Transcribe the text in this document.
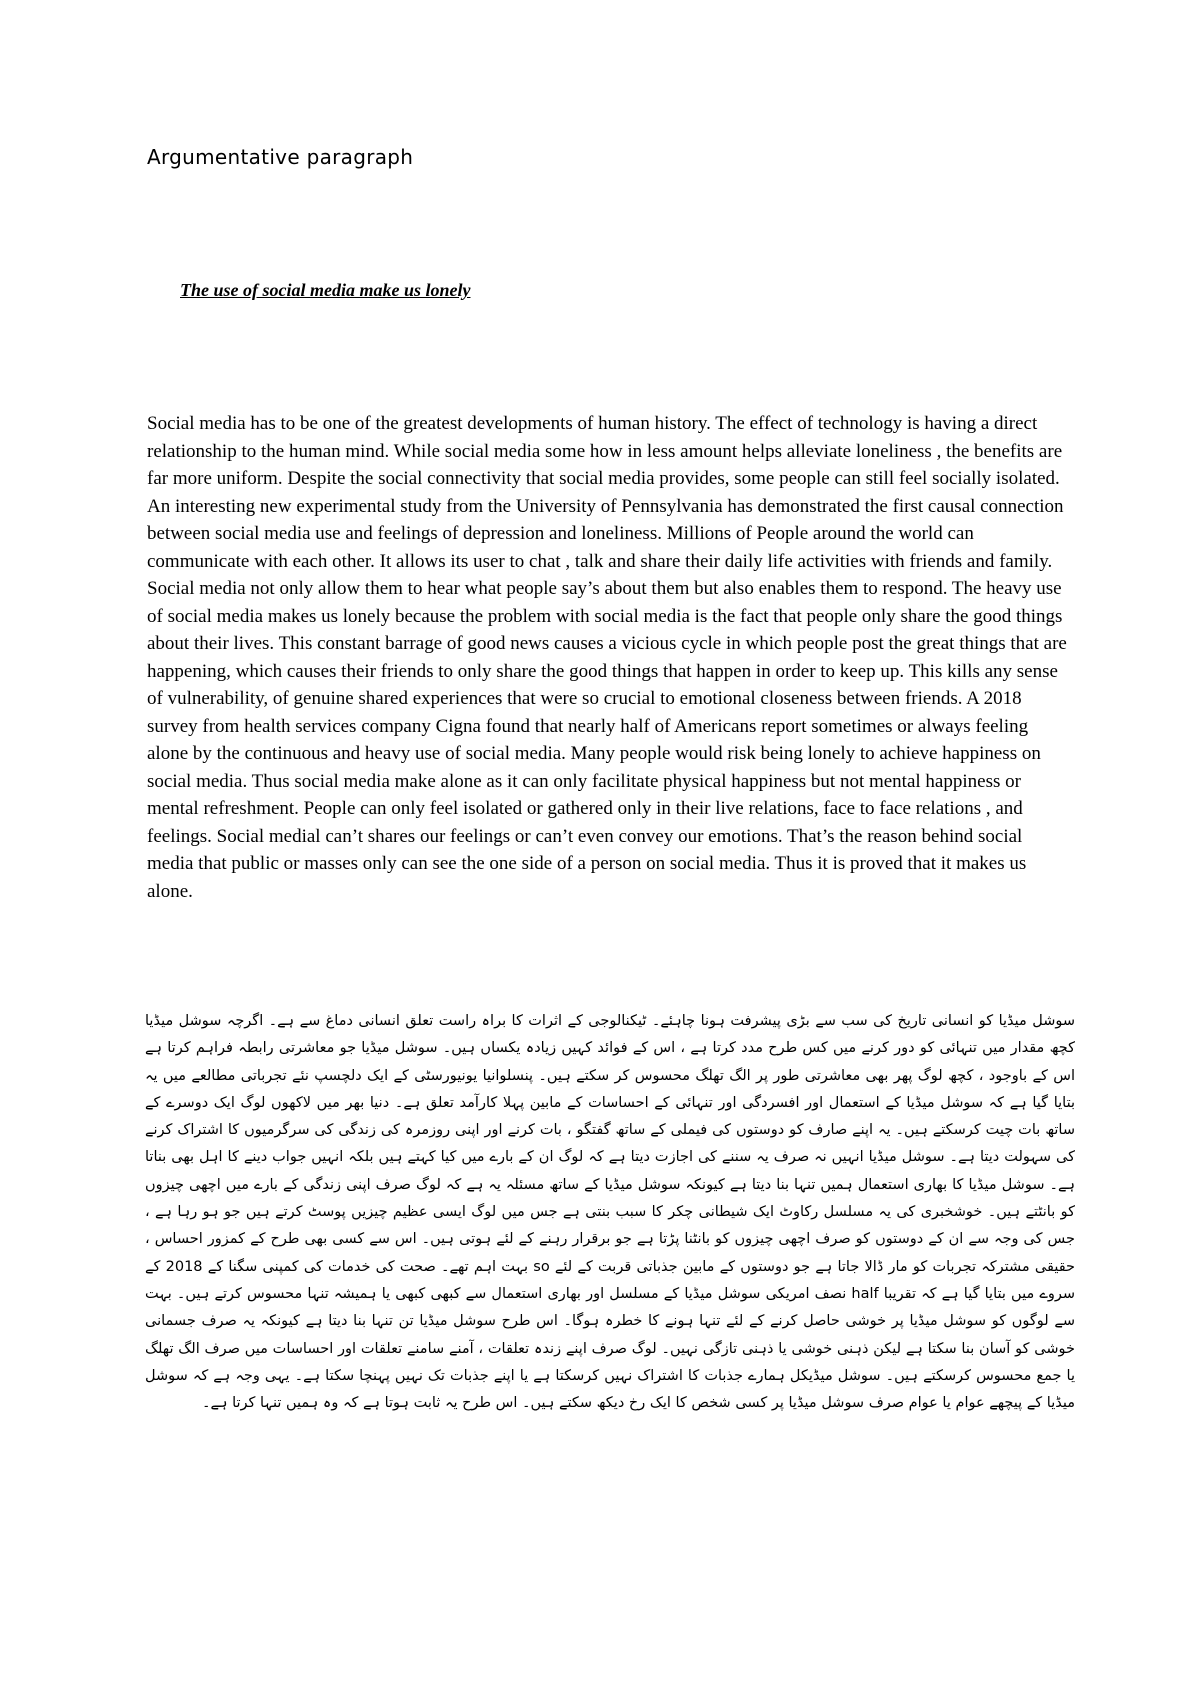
Argumentative paragraph
The use of social media make us lonely

Social media has to be one of the greatest developments of human history. The effect of technology is having a direct relationship to the human mind. While social media some how in less amount helps alleviate loneliness , the benefits are far more uniform. Despite the social connectivity that social media provides, some people can still feel socially isolated. An interesting new experimental study from the University of Pennsylvania has demonstrated the first causal connection between social media use and feelings of depression and loneliness. Millions of People around the world can communicate with each other. It allows its user to chat , talk and share their daily life activities with friends and family. Social media not only allow them to hear what people say’s about them but also enables them to respond. The heavy use of social media makes us lonely because the problem with social media is the fact that people only share the good things about their lives. This constant barrage of good news causes a vicious cycle in which people post the great things that are happening, which causes their friends to only share the good things that happen in order to keep up. This kills any sense of vulnerability, of genuine shared experiences that were so crucial to emotional closeness between friends. A 2018 survey from health services company Cigna found that nearly half of Americans report sometimes or always feeling alone by the continuous and heavy use of social media. Many people would risk being lonely to achieve happiness on social media. Thus social media make alone as it can only facilitate physical happiness but not mental happiness or mental refreshment. People can only feel isolated or gathered only in their live relations, face to face relations , and feelings. Social medial can’t shares our feelings or can’t even convey our emotions. That’s the reason behind social media that public or masses only can see the one side of a person on social media. Thus it is proved that it makes us alone.

سوشل میڈیا کو انسانی تاریخ کی سب سے بڑی پیشرفت ہونا چاہئے۔ ٹیکنالوجی کے اثرات کا براہ راست تعلق انسانی دماغ سے ہے۔ اگرچہ سوشل میڈیا کچھ مقدار میں تنہائی کو دور کرنے میں کس طرح مدد کرتا ہے ، اس کے فوائد کہیں زیادہ یکساں ہیں۔ سوشل میڈیا جو معاشرتی رابطہ فراہم کرتا ہے اس کے باوجود ، کچھ لوگ پھر بھی معاشرتی طور پر الگ تھلگ محسوس کر سکتے ہیں۔ پنسلوانیا یونیورسٹی کے ایک دلچسپ نئے تجرباتی مطالعے میں یہ بتایا گیا ہے کہ سوشل میڈیا کے استعمال اور افسردگی اور تنہائی کے احساسات کے مابین پہلا کارآمد تعلق ہے۔ دنیا بھر میں لاکھوں لوگ ایک دوسرے کے ساتھ بات چیت کرسکتے ہیں۔ یہ اپنے صارف کو دوستوں کی فیملی کے ساتھ گفتگو ، بات کرنے اور اپنی روزمرہ کی زندگی کی سرگرمیوں کا اشتراک کرنے کی سہولت دیتا ہے۔ سوشل میڈیا انہیں نہ صرف یہ سننے کی اجازت دیتا ہے کہ لوگ ان کے بارے میں کیا کہتے ہیں بلکہ انہیں جواب دینے کا اہل بھی بناتا ہے۔ سوشل میڈیا کا بھاری استعمال ہمیں تنہا بنا دیتا ہے کیونکہ سوشل میڈیا کے ساتھ مسئلہ یہ ہے کہ لوگ صرف اپنی زندگی کے بارے میں اچھی چیزوں کو بانٹتے ہیں۔ خوشخبری کی یہ مسلسل رکاوٹ ایک شیطانی چکر کا سبب بنتی ہے جس میں لوگ ایسی عظیم چیزیں پوسٹ کرتے ہیں جو ہو رہا ہے ، جس کی وجہ سے ان کے دوستوں کو صرف اچھی چیزوں کو بانٹنا پڑتا ہے جو برقرار رہنے کے لئے ہوتی ہیں۔ اس سے کسی بھی طرح کے کمزور احساس ، حقیقی مشترکہ تجربات کو مار ڈالا جاتا ہے جو دوستوں کے مابین جذباتی قربت کے لئے so بہت اہم تھے۔ صحت کی خدمات کی کمپنی سگنا کے 2018 کے سروے میں بتایا گیا ہے کہ تقریبا half نصف امریکی سوشل میڈیا کے مسلسل اور بھاری استعمال سے کبھی کبھی یا ہمیشہ تنہا محسوس کرتے ہیں۔ بہت سے لوگوں کو سوشل میڈیا پر خوشی حاصل کرنے کے لئے تنہا ہونے کا خطرہ ہوگا۔ اس طرح سوشل میڈیا تن تنہا بنا دیتا ہے کیونکہ یہ صرف جسمانی خوشی کو آسان بنا سکتا ہے لیکن ذہنی خوشی یا ذہنی تازگی نہیں۔ لوگ صرف اپنے زندہ تعلقات ، آمنے سامنے تعلقات اور احساسات میں صرف الگ تھلگ یا جمع محسوس کرسکتے ہیں۔ سوشل میڈیکل ہمارے جذبات کا اشتراک نہیں کرسکتا ہے یا اپنے جذبات تک نہیں پہنچا سکتا ہے۔ یہی وجہ ہے کہ سوشل میڈیا کے پیچھے عوام یا عوام صرف سوشل میڈیا پر کسی شخص کا ایک رخ دیکھ سکتے ہیں۔ اس طرح یہ ثابت ہوتا ہے کہ وہ ہمیں تنہا کرتا ہے۔
